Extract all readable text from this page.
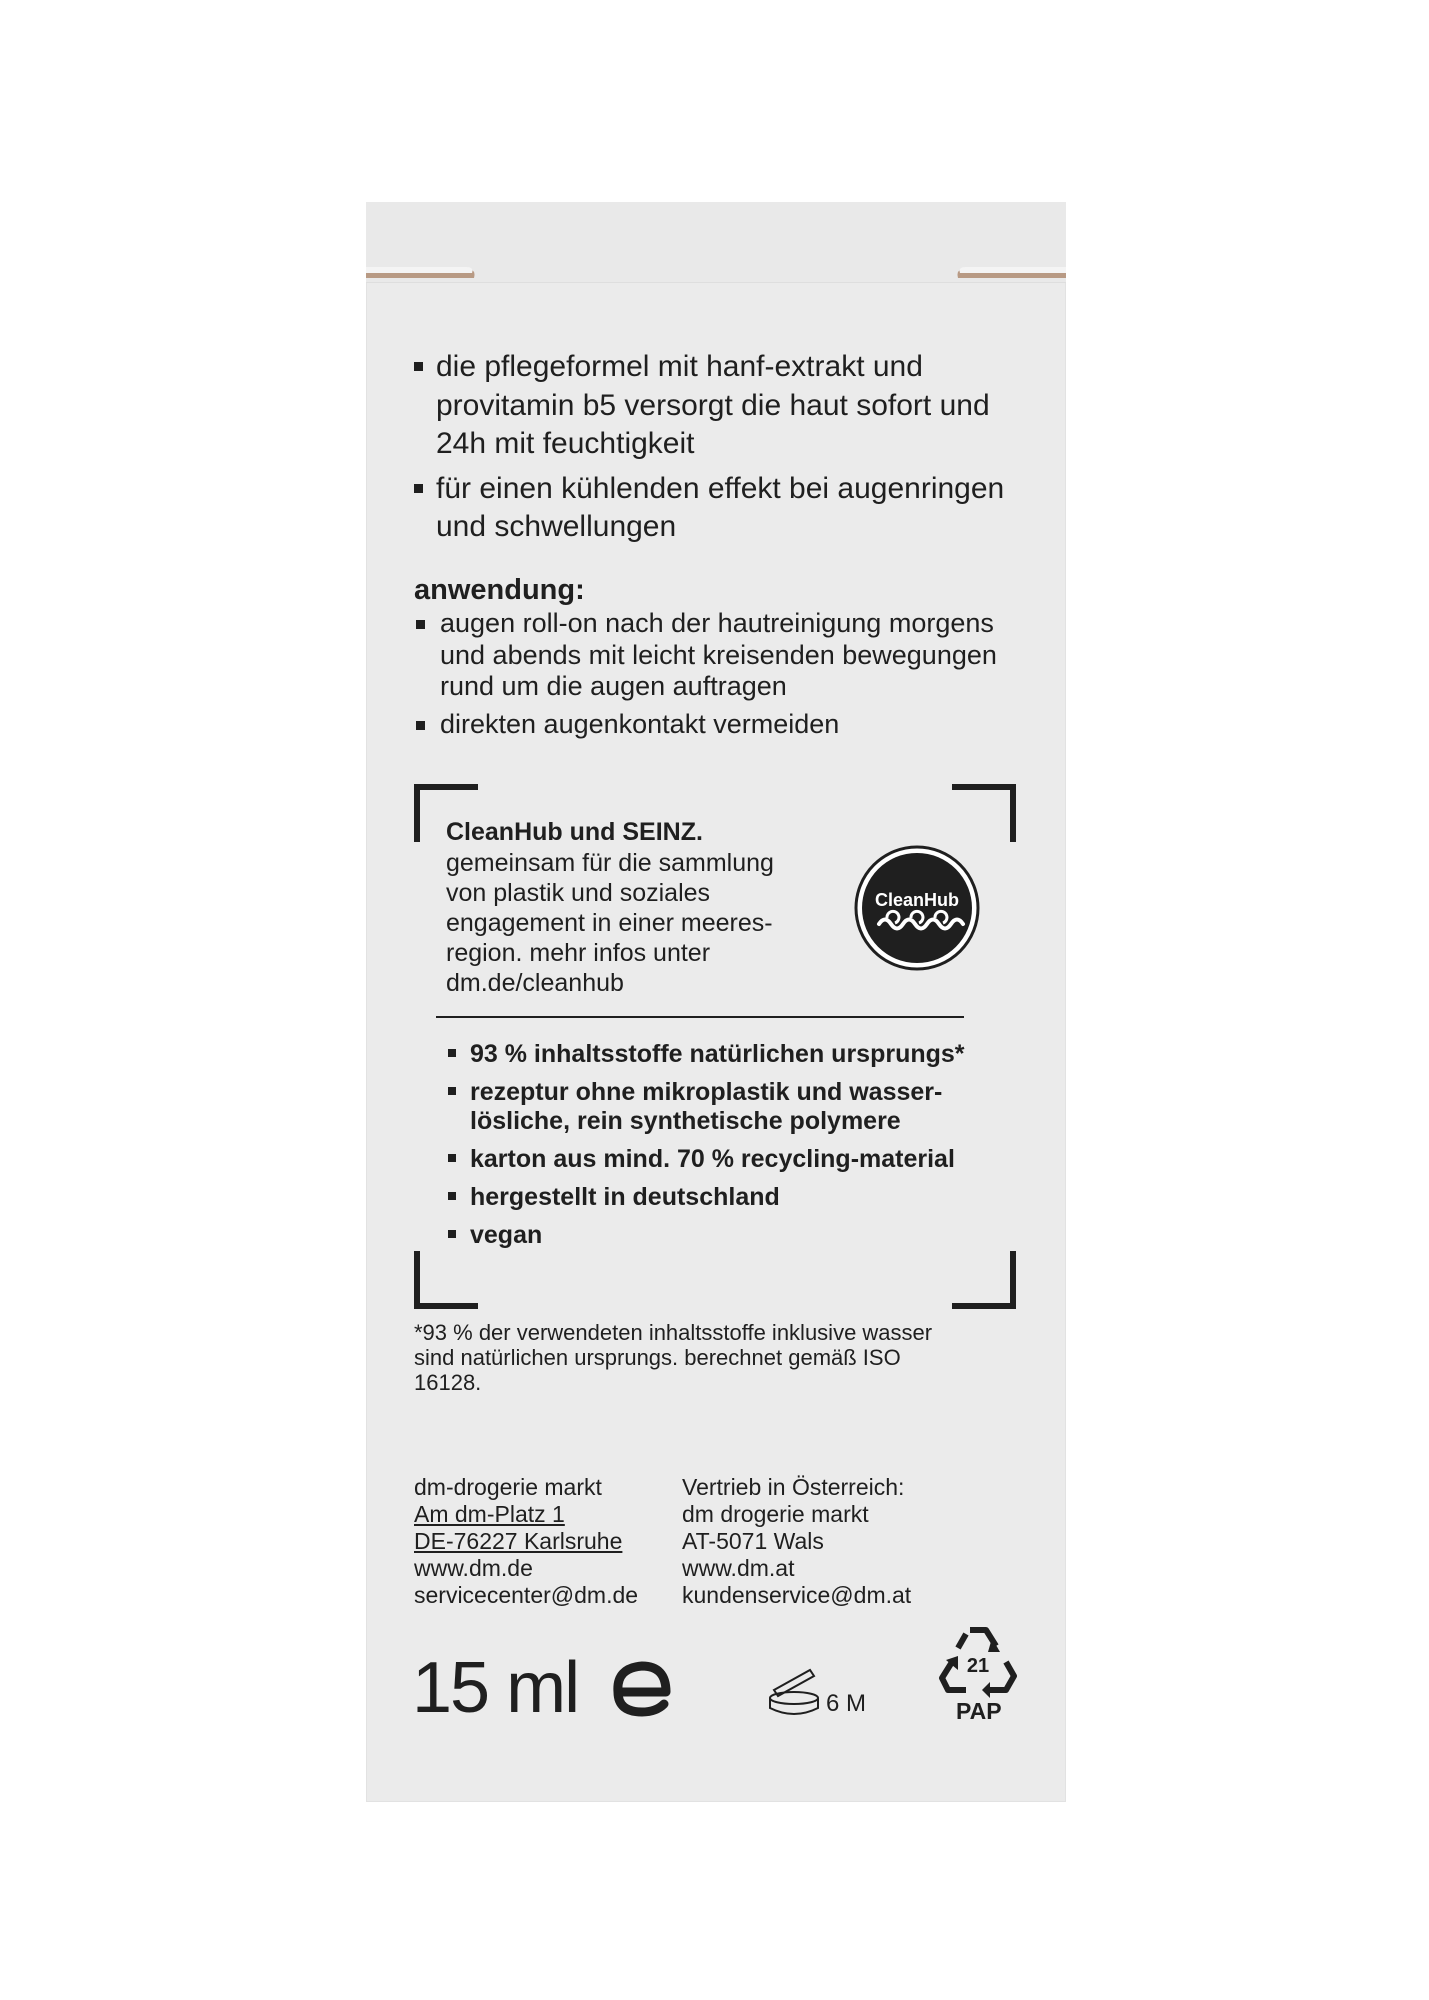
die pflegeformel mit hanf-extrakt und provitamin b5 versorgt die haut sofort und 24h mit feuchtigkeit
für einen kühlenden effekt bei augenringen und schwellungen
anwendung:
augen roll-on nach der hautreinigung morgens und abends mit leicht kreisenden bewegungen rund um die augen auftragen
direkten augenkontakt vermeiden
CleanHub und SEINZ.
gemeinsam für die sammlung
von plastik und soziales
engagement in einer meeres-
region. mehr infos unter
dm.de/cleanhub
CleanHub
93 % inhaltsstoffe natürlichen ursprungs*
rezeptur ohne mikroplastik und wasser-lösliche, rein synthetische polymere
karton aus mind. 70 % recycling-material
hergestellt in deutschland
vegan
*93 % der verwendeten inhaltsstoffe inklusive wasser sind natürlichen ursprungs. berechnet gemäß ISO 16128.
dm-drogerie markt
Am dm-Platz 1
DE-76227 Karlsruhe
www.dm.de
servicecenter@dm.de
Vertrieb in Österreich:
dm drogerie markt
AT-5071 Wals
www.dm.at
kundenservice@dm.at
15 ml	6 M
21
PAP
